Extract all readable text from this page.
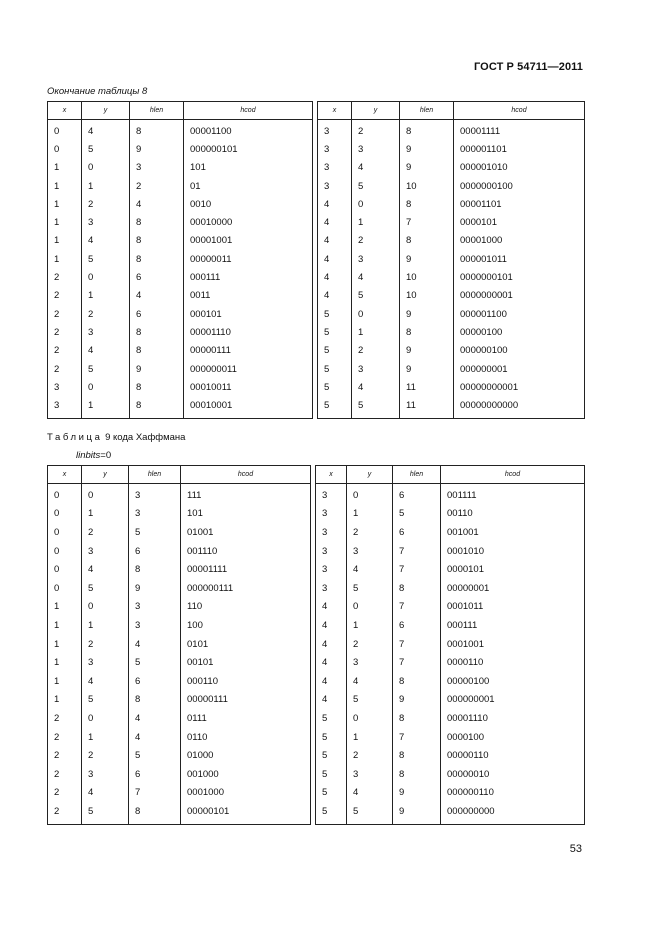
ГОСТ Р 54711—2011
Окончание таблицы 8
x	y	hlen	hcod		x	y	hlen	hcod
0	4	8	00001100		3	2	8	00001111
0	5	9	000000101		3	3	9	000001101
1	0	3	101		3	4	9	000001010
1	1	2	01		3	5	10	0000000100
1	2	4	0010		4	0	8	00001101
1	3	8	00010000		4	1	7	0000101
1	4	8	00001001		4	2	8	00001000
1	5	8	00000011		4	3	9	000001011
2	0	6	000111		4	4	10	0000000101
2	1	4	0011		4	5	10	0000000001
2	2	6	000101		5	0	9	000001100
2	3	8	00001110		5	1	8	00000100
2	4	8	00000111		5	2	9	000000100
2	5	9	000000011		5	3	9	000000001
3	0	8	00010011		5	4	11	00000000001
3	1	8	00010001		5	5	11	00000000000
Таблица 9 кода Хаффмана
linbits=0
x	y	hlen	hcod		x	y	hlen	hcod
0	0	3	111		3	0	6	001111
0	1	3	101		3	1	5	00110
0	2	5	01001		3	2	6	001001
0	3	6	001110		3	3	7	0001010
0	4	8	00001111		3	4	7	0000101
0	5	9	000000111		3	5	8	00000001
1	0	3	110		4	0	7	0001011
1	1	3	100		4	1	6	000111
1	2	4	0101		4	2	7	0001001
1	3	5	00101		4	3	7	0000110
1	4	6	000110		4	4	8	00000100
1	5	8	00000111		4	5	9	000000001
2	0	4	0111		5	0	8	00001110
2	1	4	0110		5	1	7	0000100
2	2	5	01000		5	2	8	00000110
2	3	6	001000		5	3	8	00000010
2	4	7	0001000		5	4	9	000000110
2	5	8	00000101		5	5	9	000000000
53
